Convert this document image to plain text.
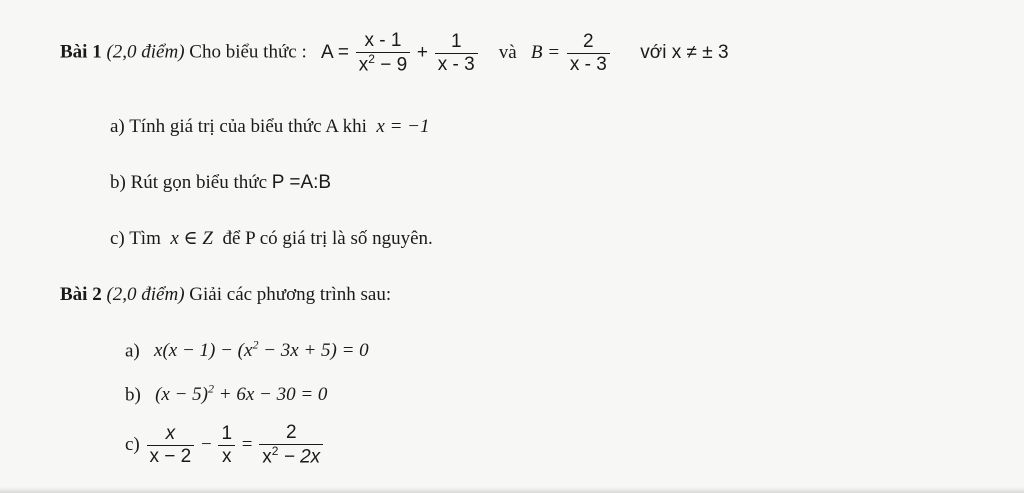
Bài 1 (2,0 điểm) Cho biểu thức : $A = \frac{x - 1}{x^2 - 9} + \frac{1}{x - 3}$ và $B = \frac{2}{x - 3}$ với x ≠ ± 3
a) Tính giá trị của biểu thức A khi x = −1
b) Rút gọn biểu thức P =A:B
c) Tìm x ∈ Z để P có giá trị là số nguyên.
Bài 2 (2,0 điểm) Giải các phương trình sau:
a) $x(x - 1) - (x^2 - 3x + 5) = 0$
b) $(x - 5)^2 + 6x - 30 = 0$
$c) \frac{x}{x - 2} - \frac{1}{x} = \frac{2}{x^2 - 2x}$
